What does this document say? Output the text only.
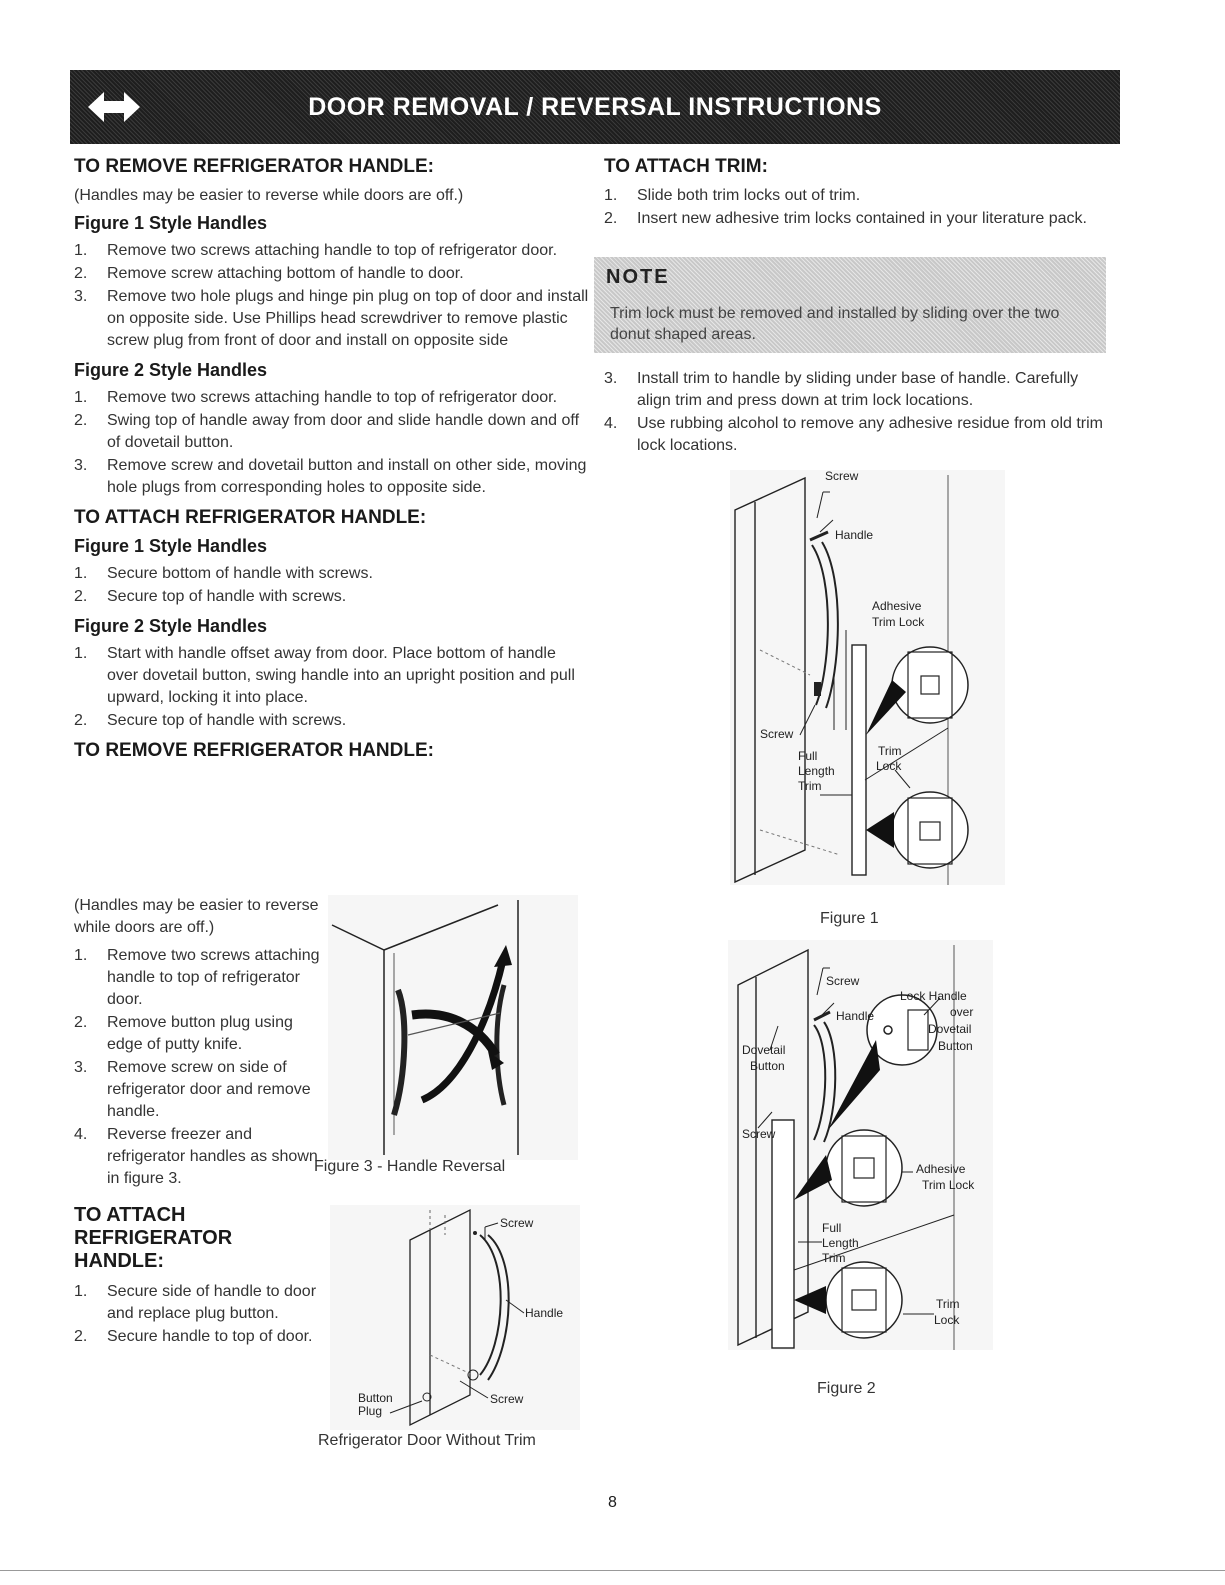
DOOR REMOVAL / REVERSAL INSTRUCTIONS
TO REMOVE REFRIGERATOR HANDLE:

(Handles may be easier to reverse while doors are off.)

Figure 1 Style Handles
1. Remove two screws attaching handle to top of refrigerator door.
2. Remove screw attaching bottom of handle to door.
3. Remove two hole plugs and hinge pin plug on top of door and install on opposite side. Use Phillips head screwdriver to remove plastic screw plug from front of door and install on opposite side
Figure 2 Style Handles
1. Remove two screws attaching handle to top of refrigerator door.
2. Swing top of handle away from door and slide handle down and off of dovetail button.
3. Remove screw and dovetail button and install on other side, moving hole plugs from corresponding holes to opposite side.
TO ATTACH REFRIGERATOR HANDLE:
Figure 1 Style Handles
1. Secure bottom of handle with screws.
2. Secure top of handle with screws.
Figure 2 Style Handles
1. Start with handle offset away from door. Place bottom of handle over dovetail button, swing handle into an upright position and pull upward, locking it into place.
2. Secure top of handle with screws.
TO REMOVE REFRIGERATOR HANDLE:

(Handles may be easier to reverse while doors are off.)

1. Remove two screws attaching handle to top of refrigerator door.
2. Remove button plug using edge of putty knife.
3. Remove screw on side of refrigerator door and remove handle.
4. Reverse freezer and refrigerator handles as shown in figure 3.
Figure 3 - Handle Reversal
TO ATTACH
REFRIGERATOR HANDLE:
1. Secure side of handle to door and replace plug button.
2. Secure handle to top of door.
Screw
Handle
Button
Plug
Screw
Refrigerator Door Without Trim
TO ATTACH TRIM:
1. Slide both trim locks out of trim.
2. Insert new adhesive trim locks contained in your literature pack.
NOTE
Trim lock must be removed and installed by sliding over the two donut shaped areas.
3. Install trim to handle by sliding under base of handle. Carefully align trim and press down at trim lock locations.
4. Use rubbing alcohol to remove any adhesive residue from old trim lock locations.
Screw
Handle
Adhesive
Trim Lock
Screw
Full
Length
Trim
Trim
Lock
Figure 1
Screw
Handle
Lock Handle
over
Dovetail
Button
Dovetail
Button
Screw
Adhesive
Trim Lock
Full
Length
Trim
Trim
Lock
Figure 2
8
